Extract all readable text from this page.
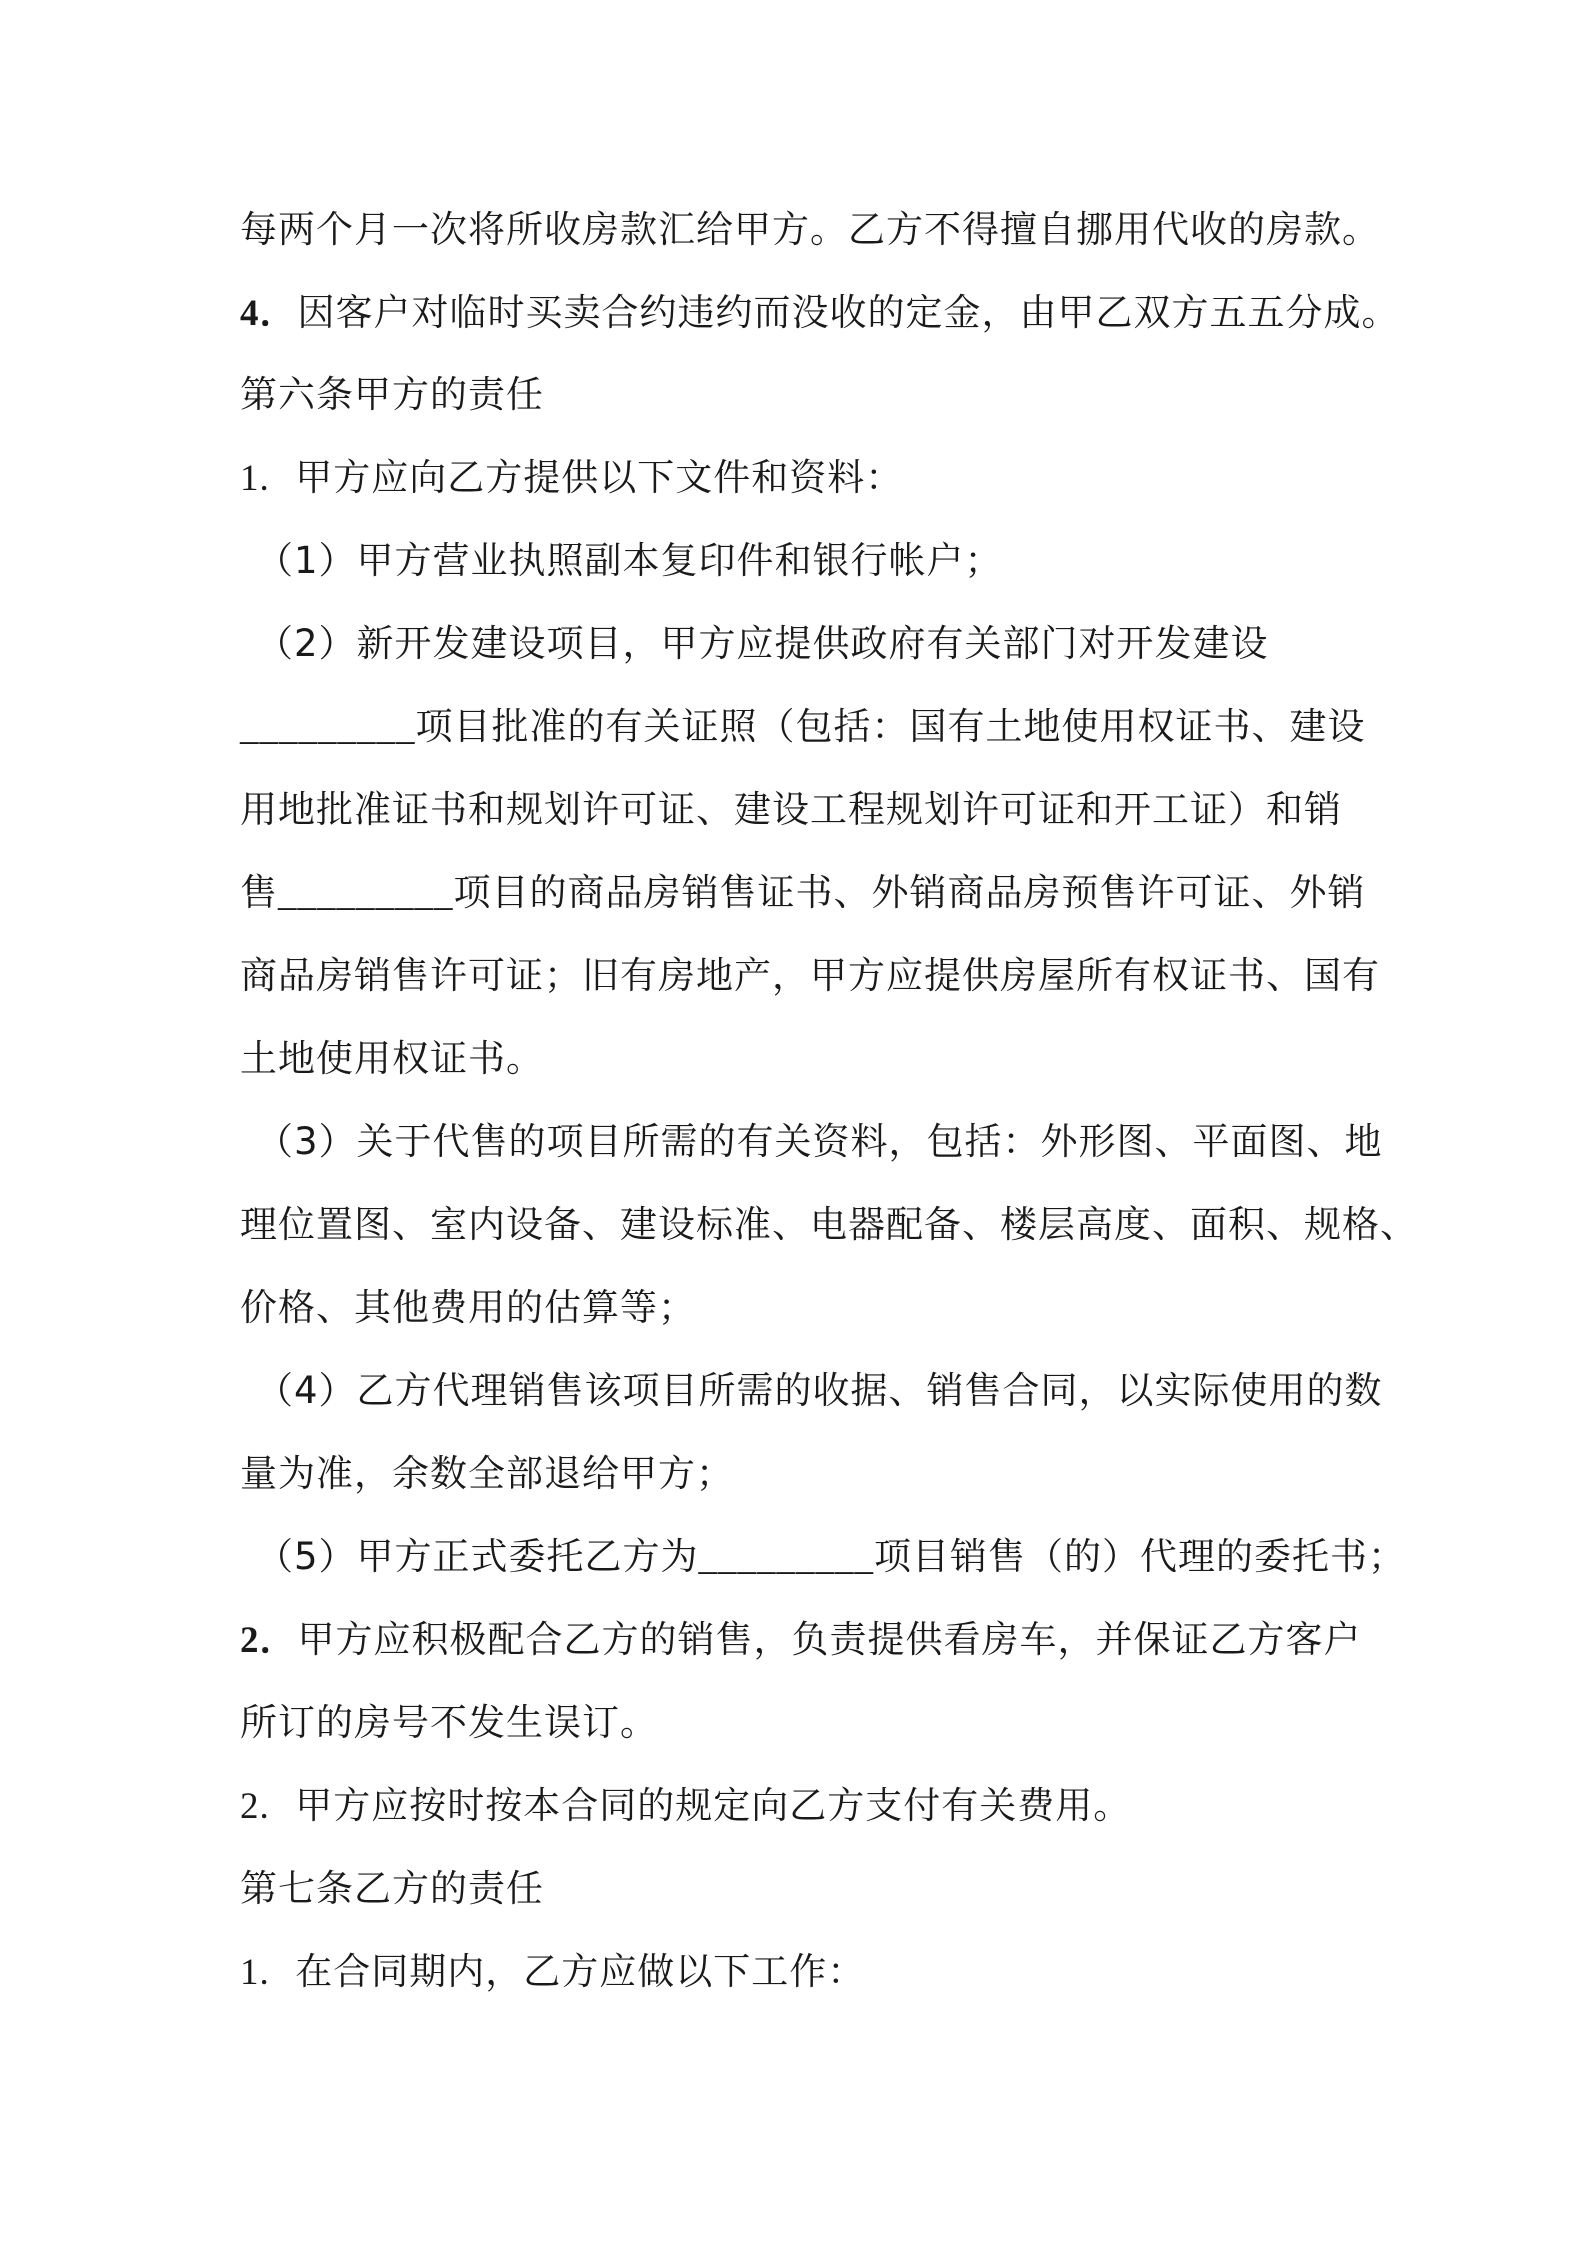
每两个月一次将所收房款汇给甲方。乙方不得擅自挪用代收的房款。
4．因客户对临时买卖合约违约而没收的定金，由甲乙双方五五分成。
第六条甲方的责任
1. 甲方应向乙方提供以下文件和资料：
（1）甲方营业执照副本复印件和银行帐户；
（2）新开发建设项目，甲方应提供政府有关部门对开发建设
_________项目批准的有关证照（包括：国有土地使用权证书、建设
用地批准证书和规划许可证、建设工程规划许可证和开工证）和销
售_________项目的商品房销售证书、外销商品房预售许可证、外销
商品房销售许可证；旧有房地产，甲方应提供房屋所有权证书、国有
土地使用权证书。
（3）关于代售的项目所需的有关资料，包括：外形图、平面图、地
理位置图、室内设备、建设标准、电器配备、楼层高度、面积、规格、
价格、其他费用的估算等；
（4）乙方代理销售该项目所需的收据、销售合同，以实际使用的数
量为准，余数全部退给甲方；
（5）甲方正式委托乙方为_________项目销售（的）代理的委托书；
2．甲方应积极配合乙方的销售，负责提供看房车，并保证乙方客户
所订的房号不发生误订。
2. 甲方应按时按本合同的规定向乙方支付有关费用。
第七条乙方的责任
1. 在合同期内，乙方应做以下工作：
